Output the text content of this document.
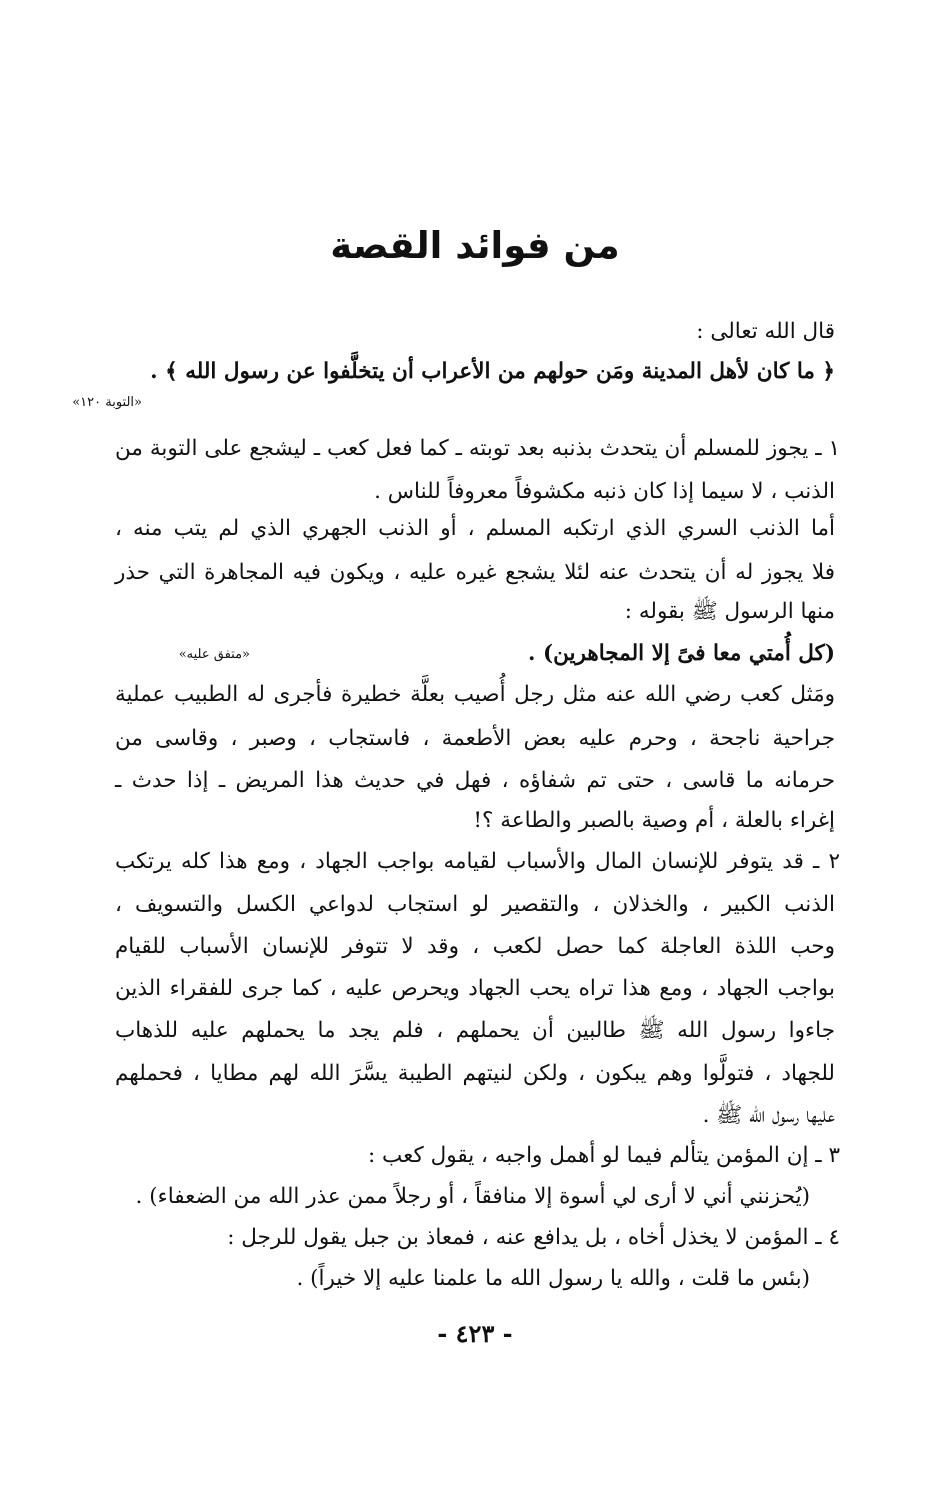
من فوائد القصة
قال الله تعالى :
﴿ ما كان لأهل المدينة ومَن حولهم من الأعراب أن يتخلَّفوا عن رسول الله ﴾ .
«التوبة ١٢٠»
١ ـ يجوز للمسلم أن يتحدث بذنبه بعد توبته ـ كما فعل كعب ـ ليشجع على التوبة من
الذنب ، لا سيما إذا كان ذنبه مكشوفاً معروفاً للناس .
أما الذنب السري الذي ارتكبه المسلم ، أو الذنب الجهري الذي لم يتب منه ،
فلا يجوز له أن يتحدث عنه لئلا يشجع غيره عليه ، ويكون فيه المجاهرة التي حذر
منها الرسول ﷺ بقوله :
(كل أُمتي معا فىً إلا المجاهرين) .
«متفق عليه»
ومَثل كعب رضي الله عنه مثل رجل أُصيب بعلَّة خطيرة فأجرى له الطبيب عملية
جراحية ناجحة ، وحرم عليه بعض الأطعمة ، فاستجاب ، وصبر ، وقاسى من
حرمانه ما قاسى ، حتى تم شفاؤه ، فهل في حديث هذا المريض ـ إذا حدث ـ
إغراء بالعلة ، أم وصية بالصبر والطاعة ؟!
٢ ـ قد يتوفر للإنسان المال والأسباب لقيامه بواجب الجهاد ، ومع هذا كله يرتكب
الذنب الكبير ، والخذلان ، والتقصير لو استجاب لدواعي الكسل والتسويف ،
وحب اللذة العاجلة كما حصل لكعب ، وقد لا تتوفر للإنسان الأسباب للقيام
بواجب الجهاد ، ومع هذا تراه يحب الجهاد ويحرص عليه ، كما جرى للفقراء الذين
جاءوا رسول الله ﷺ طالبين أن يحملهم ، فلم يجد ما يحملهم عليه للذهاب
للجهاد ، فتولَّوا وهم يبكون ، ولكن لنيتهم الطيبة يسَّرَ الله لهم مطايا ، فحملهم
عليها رسول الله ﷺ .
٣ ـ إن المؤمن يتألم فيما لو أهمل واجبه ، يقول كعب :
(يُحزنني أني لا أرى لي أسوة إلا منافقاً ، أو رجلاً ممن عذر الله من الضعفاء) .
٤ ـ المؤمن لا يخذل أخاه ، بل يدافع عنه ، فمعاذ بن جبل يقول للرجل :
(بئس ما قلت ، والله يا رسول الله ما علمنا عليه إلا خيراً) .
- ٤٢٣ -
